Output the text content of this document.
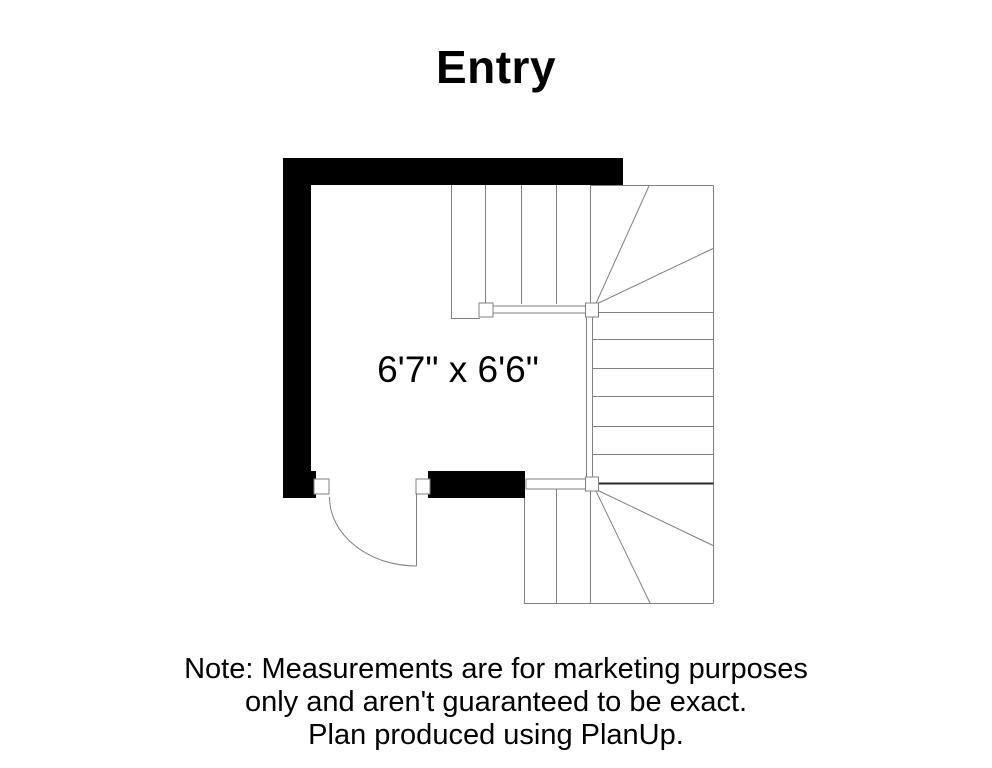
Entry
6'7" x 6'6"
Note: Measurements are for marketing purposes
only and aren't guaranteed to be exact.
Plan produced using PlanUp.
